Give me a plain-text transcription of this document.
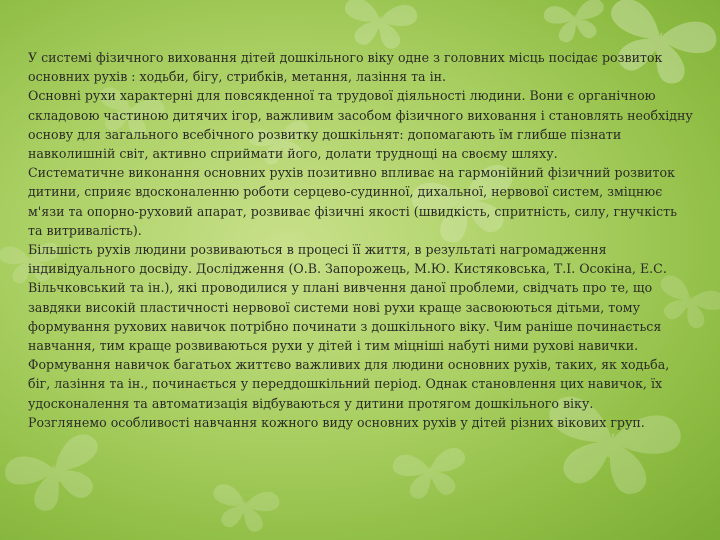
У системі фізичного виховання дітей дошкільного віку одне з головних місць посідає розвиток основних рухів : ходьби, бігу, стрибків, метання, лазіння та ін.

Основні рухи характерні для повсякденної та трудової діяльності людини. Вони є органічною складовою частиною дитячих ігор, важливим засобом фізичного виховання і становлять необхідну основу для загального всебічного розвитку дошкільнят: допомагають їм глибше пізнати навколишній світ, активно сприймати його, долати труднощі на своєму шляху.

Систематичне виконання основних рухів позитивно впливає на гармонійний фізичний розвиток дитини, сприяє вдосконаленню роботи серцево-судинної, дихальної, нервової систем, зміцнює м'язи та опорно-руховий апарат, розвиває фізичні якості (швидкість, спритність, силу, гнучкість та витривалість).

Більшість рухів людини розвиваються в процесі її життя, в результаті нагромадження індивідуального досвіду. Дослідження (О.В. Запорожець, М.Ю. Кистяковська, Т.І. Осокіна, Е.С. Вільчковський та ін.), які проводилися у плані вивчення даної проблеми, свідчать про те, що завдяки високій пластичності нервової системи нові рухи краще засвоюються дітьми, тому формування рухових навичок потрібно починати з дошкільного віку. Чим раніше починається навчання, тим краще розвиваються рухи у дітей і тим міцніші набуті ними рухові навички.

Формування навичок багатьох життєво важливих для людини основних рухів, таких, як ходьба, біг, лазіння та ін., починається у переддошкільний період. Однак становлення цих навичок, їх удосконалення та автоматизація відбуваються у дитини протягом дошкільного віку.

Розглянемо особливості навчання кожного виду основних рухів у дітей різних вікових груп.
